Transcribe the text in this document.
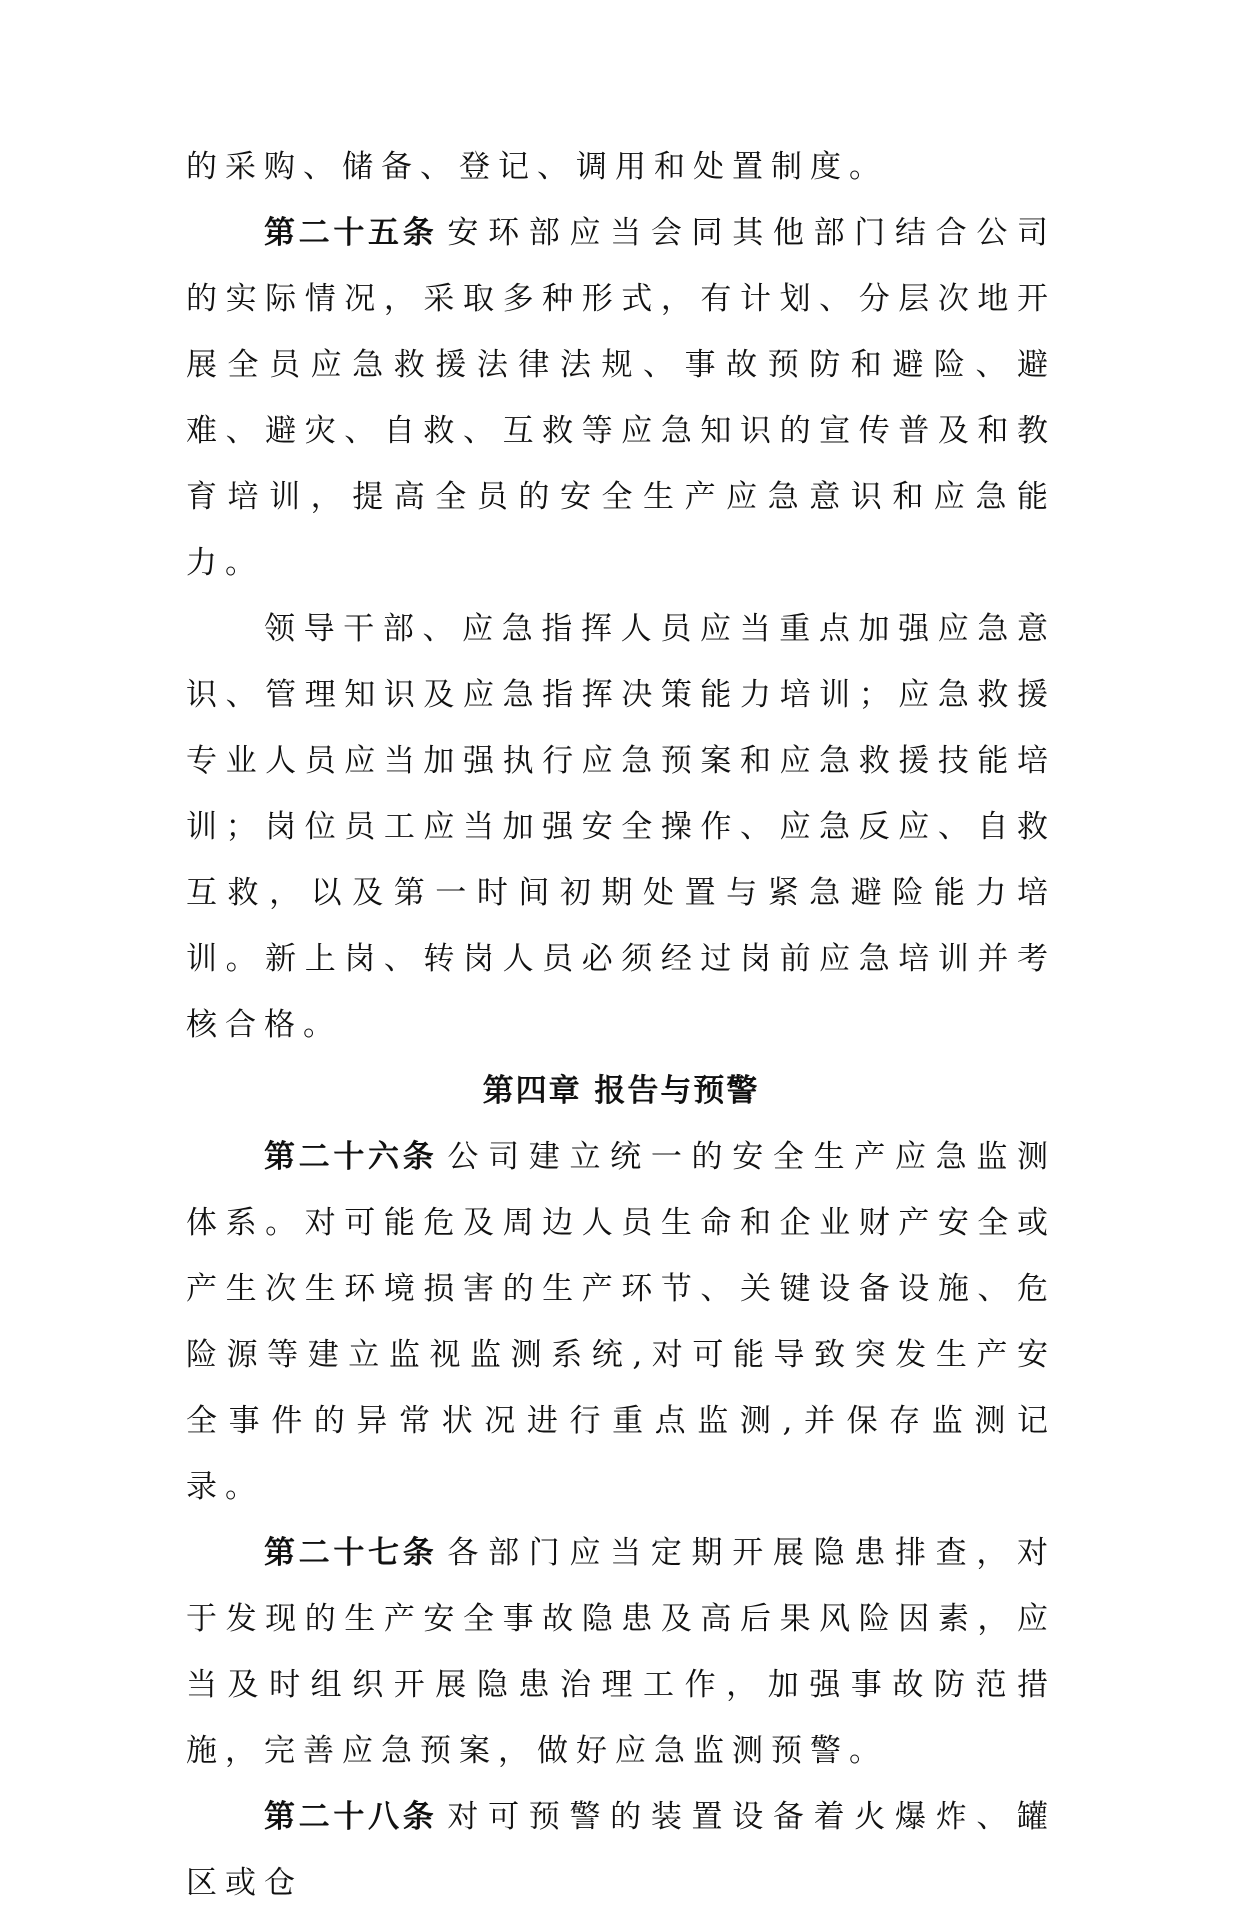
的采购、储备、登记、调用和处置制度。

第二十五条 安环部应当会同其他部门结合公司的实际情况，采取多种形式，有计划、分层次地开展全员应急救援法律法规、事故预防和避险、避难、避灾、自救、互救等应急知识的宣传普及和教育培训，提高全员的安全生产应急意识和应急能力。

领导干部、应急指挥人员应当重点加强应急意识、管理知识及应急指挥决策能力培训；应急救援专业人员应当加强执行应急预案和应急救援技能培训；岗位员工应当加强安全操作、应急反应、自救互救，以及第一时间初期处置与紧急避险能力培训。新上岗、转岗人员必须经过岗前应急培训并考核合格。

第四章 报告与预警

第二十六条 公司建立统一的安全生产应急监测体系。对可能危及周边人员生命和企业财产安全或产生次生环境损害的生产环节、关键设备设施、危险源等建立监视监测系统,对可能导致突发生产安全事件的异常状况进行重点监测,并保存监测记录。

第二十七条 各部门应当定期开展隐患排查，对于发现的生产安全事故隐患及高后果风险因素，应当及时组织开展隐患治理工作，加强事故防范措施，完善应急预案，做好应急监测预警。

第二十八条 对可预警的装置设备着火爆炸、罐区或仓
